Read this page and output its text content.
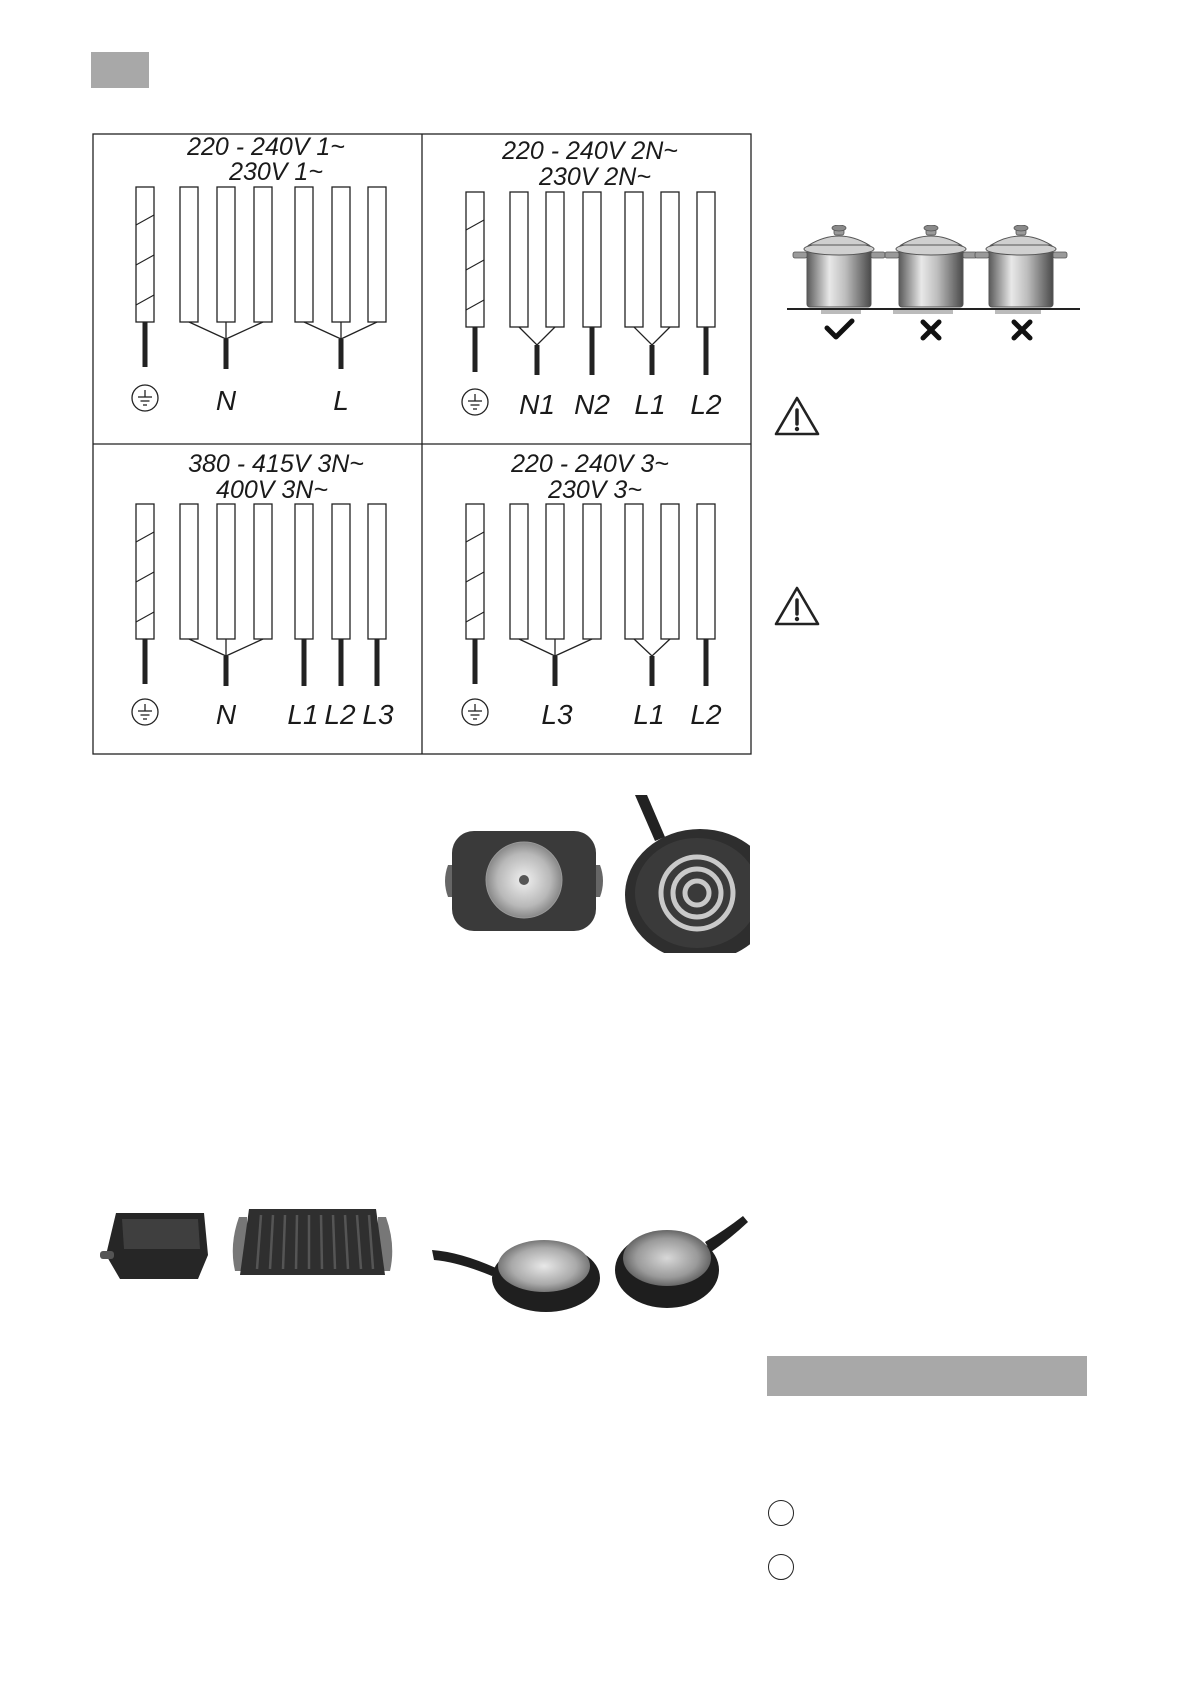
220 - 240V 1~
230V 1~
N	L
220 - 240V 2N~
230V 2N~
N1 N2 L1 L2
380 - 415V 3N~
400V 3N~
N L1 L2 L3
220 - 240V 3~
230V 3~
L3 L1 L2
